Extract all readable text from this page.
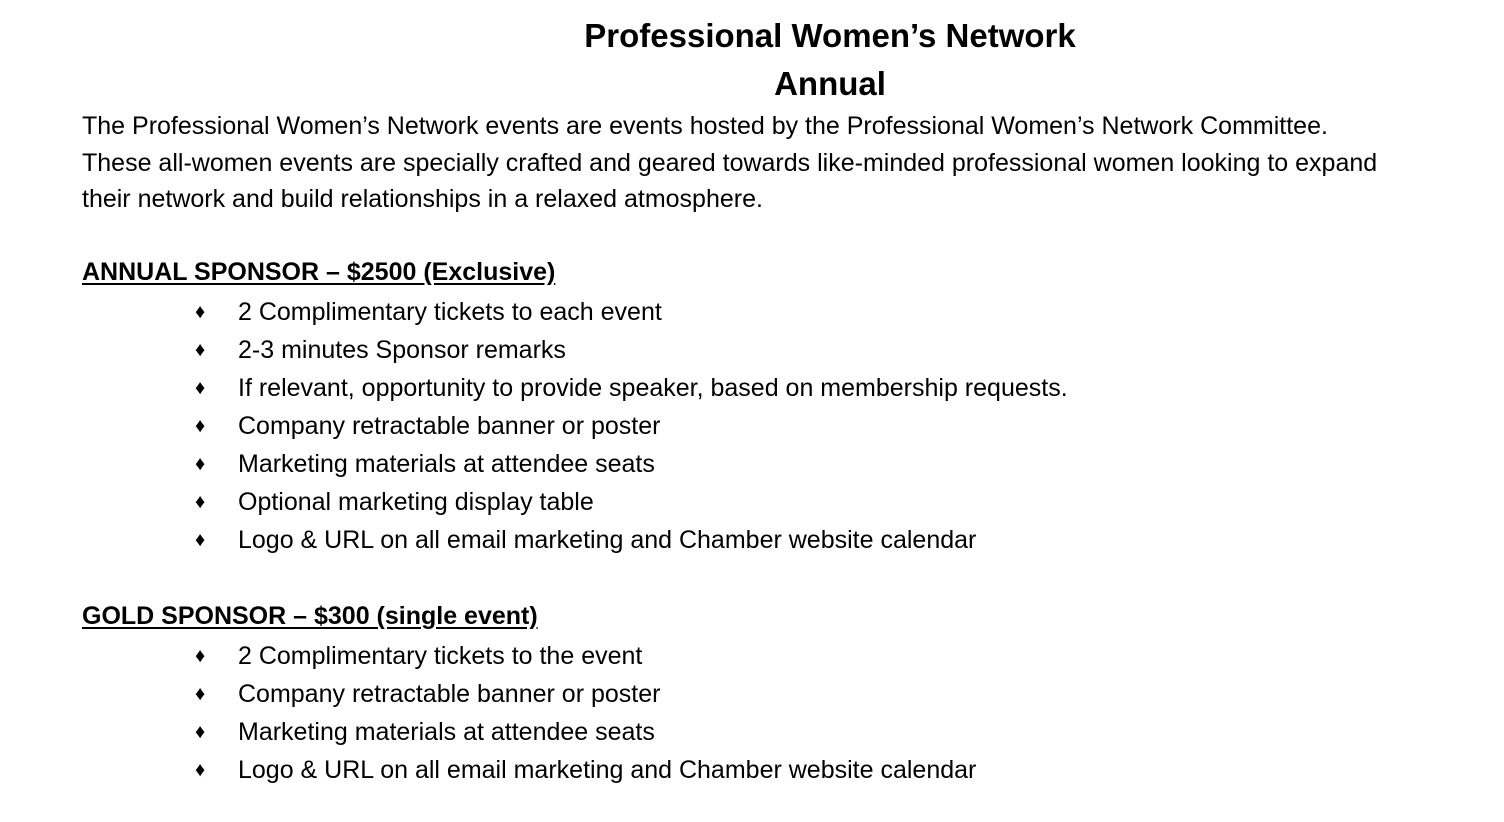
Professional Women’s Network
Annual

The Professional Women’s Network events are events hosted by the Professional Women’s Network Committee. These all-women events are specially crafted and geared towards like-minded professional women looking to expand their network and build relationships in a relaxed atmosphere.

ANNUAL SPONSOR – $2500 (Exclusive)
♦	2 Complimentary tickets to each event
♦	2-3 minutes Sponsor remarks
♦	If relevant, opportunity to provide speaker, based on membership requests.
♦	Company retractable banner or poster
♦	Marketing materials at attendee seats
♦	Optional marketing display table
♦	Logo & URL on all email marketing and Chamber website calendar
GOLD SPONSOR – $300 (single event)
♦	2 Complimentary tickets to the event
♦	Company retractable banner or poster
♦	Marketing materials at attendee seats
♦	Logo & URL on all email marketing and Chamber website calendar
